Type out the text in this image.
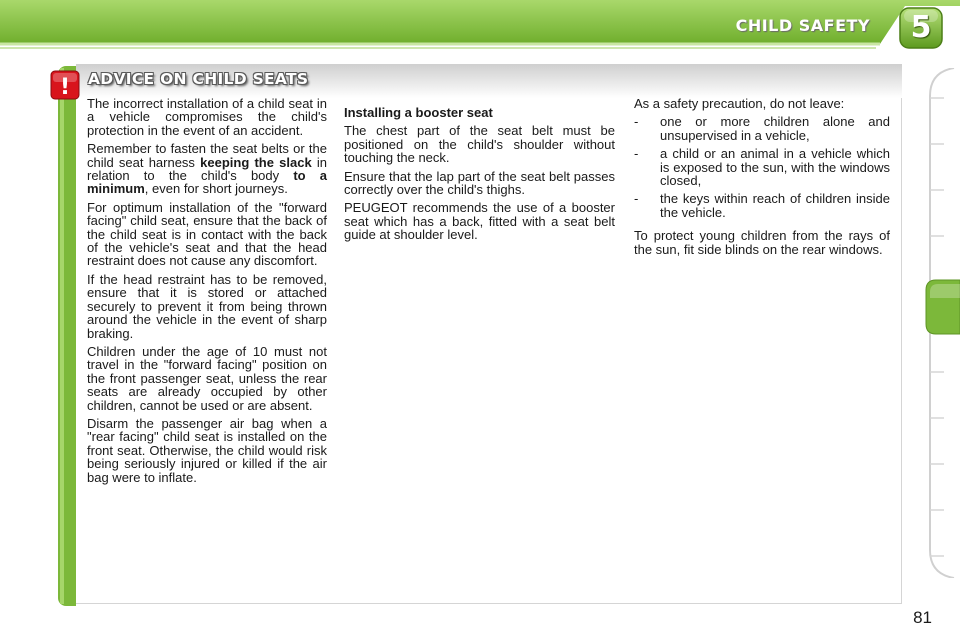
CHILD SAFETY	5
! ADVICE ON CHILD SEATS

The incorrect installation of a child seat in a vehicle compromises the child's protection in the event of an accident.

Remember to fasten the seat belts or the child seat harness keeping the slack in relation to the child's body to a minimum, even for short journeys.

For optimum installation of the "forward facing" child seat, ensure that the back of the child seat is in contact with the back of the vehicle's seat and that the head restraint does not cause any discomfort.

If the head restraint has to be removed, ensure that it is stored or attached securely to prevent it from being thrown around the vehicle in the event of sharp braking.

Children under the age of 10 must not travel in the "forward facing" position on the front passenger seat, unless the rear seats are already occupied by other children, cannot be used or are absent.

Disarm the passenger air bag when a "rear facing" child seat is installed on the front seat. Otherwise, the child would risk being seriously injured or killed if the air bag were to inflate.

Installing a booster seat

The chest part of the seat belt must be positioned on the child's shoulder without touching the neck.

Ensure that the lap part of the seat belt passes correctly over the child's thighs.

PEUGEOT recommends the use of a booster seat which has a back, fitted with a seat belt guide at shoulder level.

As a safety precaution, do not leave:

- one or more children alone and unsupervised in a vehicle,
- a child or an animal in a vehicle which is exposed to the sun, with the windows closed,
- the keys within reach of children inside the vehicle.

To protect young children from the rays of the sun, fit side blinds on the rear windows.

81
